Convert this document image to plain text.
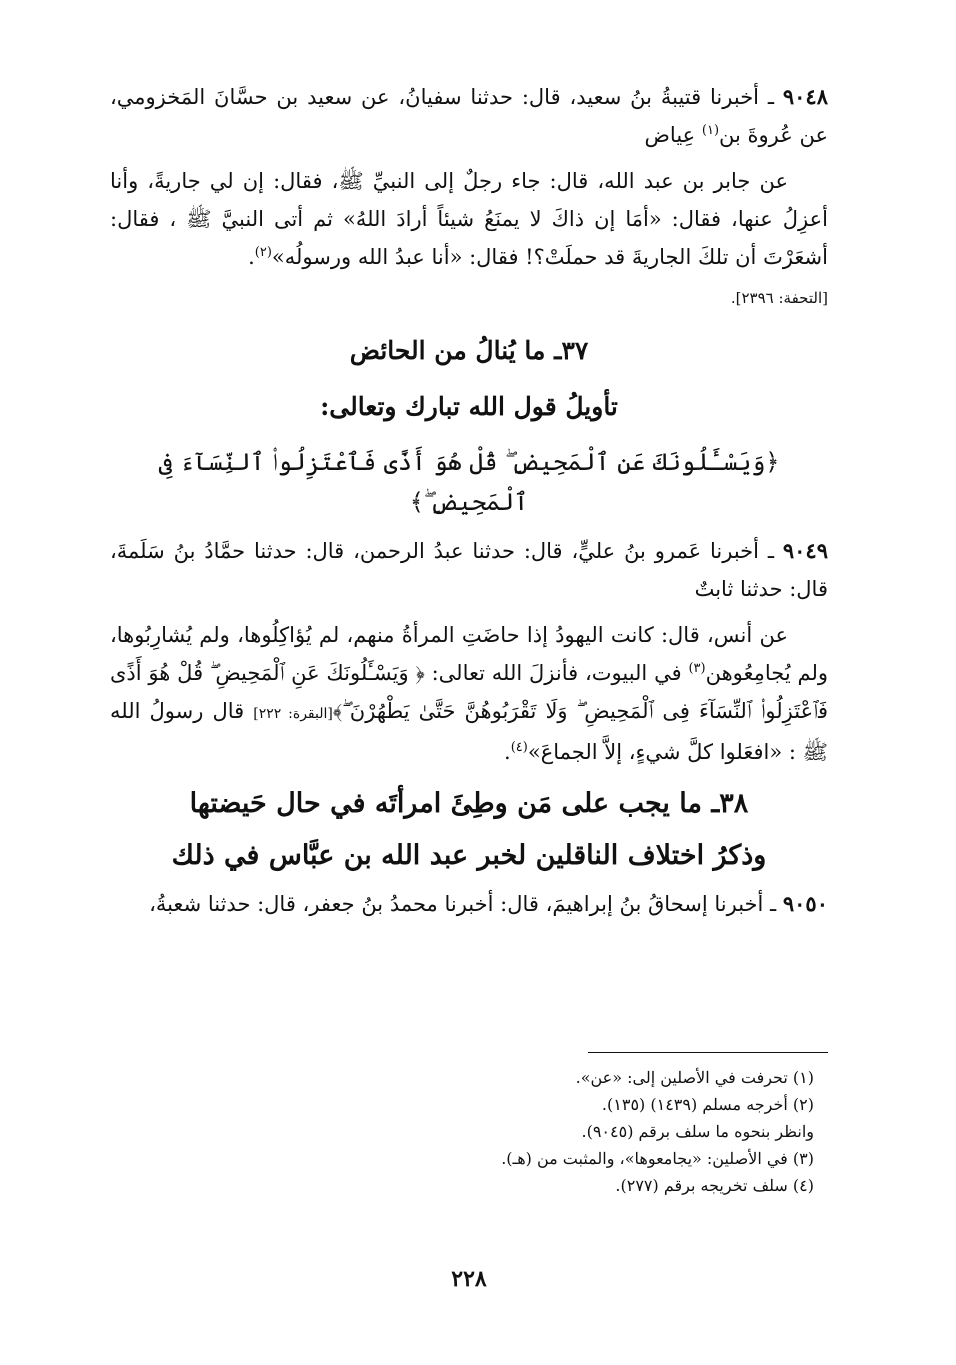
٩٠٤٨ ـ أخبرنا قتيبةُ بنُ سعيد، قال: حدثنا سفيانُ، عن سعيد بن حسَّانَ المَخزومي، عن عُروةَ بن$^{(١)}$ عِياض

عن جابر بن عبد الله، قال: جاء رجلٌ إلى النبيِّ ﷺ، فقال: إن لي جاريةً، وأنا أعزِلُ عنها، فقال: «أمَا إن ذاكَ لا يمنَعُ شيئاً أرادَ اللهُ» ثم أتى النبيَّ ﷺ ، فقال: أشعَرْتَ أن تلكَ الجاريةَ قد حملَتْ؟! فقال: «أنا عبدُ الله ورسولُه»$^{(٢)}$.

[التحفة: ٢٣٩٦].

٣٧ـ ما يُنالُ من الحائض
تأويلُ قول الله تبارك وتعالى:
﴿وَيَسْـَٔلُونَكَ عَنِ ٱلْمَحِيضِ ۖ قُلْ هُوَ أَذًى فَٱعْتَزِلُوا۟ ٱلنِّسَآءَ فِى ٱلْمَحِيضِ ۖ﴾

٩٠٤٩ ـ أخبرنا عَمرو بنُ عليٍّ، قال: حدثنا عبدُ الرحمن، قال: حدثنا حمَّادُ بنُ سَلَمةَ، قال: حدثنا ثابتٌ

عن أنس، قال: كانت اليهودُ إذا حاضَتِ المرأةُ منهم، لم يُؤاكِلُوها، ولم يُشارِبُوها، ولم يُجامِعُوهن$^{(٣)}$ في البيوت، فأنزلَ الله تعالى: ﴿ وَيَسْـَٔلُونَكَ عَنِ ٱلْمَحِيضِ ۖ قُلْ هُوَ أَذًى فَٱعْتَزِلُوا۟ ٱلنِّسَآءَ فِى ٱلْمَحِيضِ ۖ وَلَا تَقْرَبُوهُنَّ حَتَّىٰ يَطْهُرْنَ ۖ﴾[البقرة: ٢٢٢] قال رسولُ الله ﷺ : «افعَلوا كلَّ شيءٍ، إلاَّ الجماعَ»$^{(٤)}$.

٣٨ـ ما يجب على مَن وطِئَ امرأتَه في حال حَيضتها
وذكرُ اختلاف الناقلين لخبر عبد الله بن عبَّاس في ذلك

٩٠٥٠ ـ أخبرنا إسحاقُ بنُ إبراهيمَ، قال: أخبرنا محمدُ بنُ جعفر، قال: حدثنا شعبةُ،

(١) تحرفت في الأصلين إلى: «عن».
(٢) أخرجه مسلم (١٤٣٩) (١٣٥).
وانظر بنحوه ما سلف برقم (٩٠٤٥).
(٣) في الأصلين: «يجامعوها»، والمثبت من (هـ).
(٤) سلف تخريجه برقم (٢٧٧).
٢٢٨
